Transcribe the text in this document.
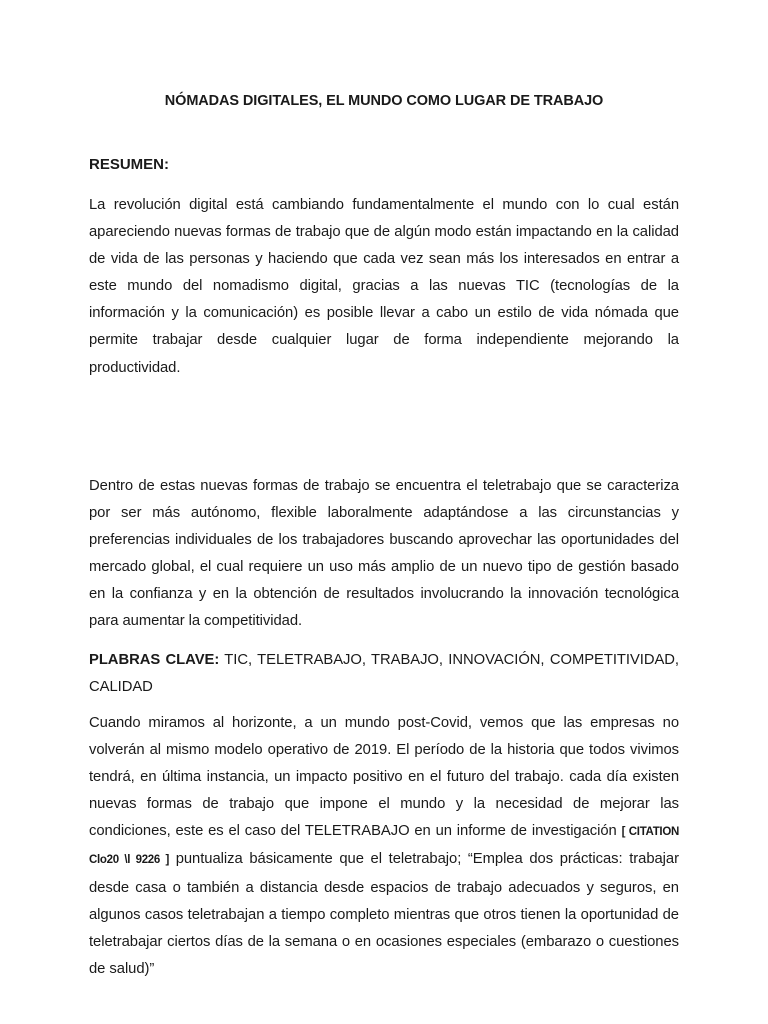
NÓMADAS DIGITALES, EL MUNDO COMO LUGAR DE TRABAJO
RESUMEN:

La revolución digital está cambiando fundamentalmente el mundo con lo cual están apareciendo nuevas formas de trabajo que de algún modo están impactando en la calidad de vida de las personas y haciendo que cada vez sean más los interesados en entrar a este mundo del nomadismo digital, gracias a las nuevas TIC (tecnologías de la información y la comunicación) es posible llevar a cabo un estilo de vida nómada que permite trabajar desde cualquier lugar de forma independiente mejorando la productividad.

Dentro de estas nuevas formas de trabajo se encuentra el teletrabajo que se caracteriza por ser más autónomo, flexible laboralmente adaptándose a las circunstancias y preferencias individuales de los trabajadores buscando aprovechar las oportunidades del mercado global, el cual requiere un uso más amplio de un nuevo tipo de gestión basado en la confianza y en la obtención de resultados involucrando la innovación tecnológica para aumentar la competitividad.

PLABRAS CLAVE: TIC, TELETRABAJO, TRABAJO, INNOVACIÓN, COMPETITIVIDAD, CALIDAD

Cuando miramos al horizonte, a un mundo post-Covid, vemos que las empresas no volverán al mismo modelo operativo de 2019. El período de la historia que todos vivimos tendrá, en última instancia, un impacto positivo en el futuro del trabajo. cada día existen nuevas formas de trabajo que impone el mundo y la necesidad de mejorar las condiciones, este es el caso del TELETRABAJO en un informe de investigación [ CITATION Clo20 \l 9226 ] puntualiza básicamente que el teletrabajo; “Emplea dos prácticas: trabajar desde casa o también a distancia desde espacios de trabajo adecuados y seguros, en algunos casos teletrabajan a tiempo completo mientras que otros tienen la oportunidad de teletrabajar ciertos días de la semana o en ocasiones especiales (embarazo o cuestiones de salud)”
